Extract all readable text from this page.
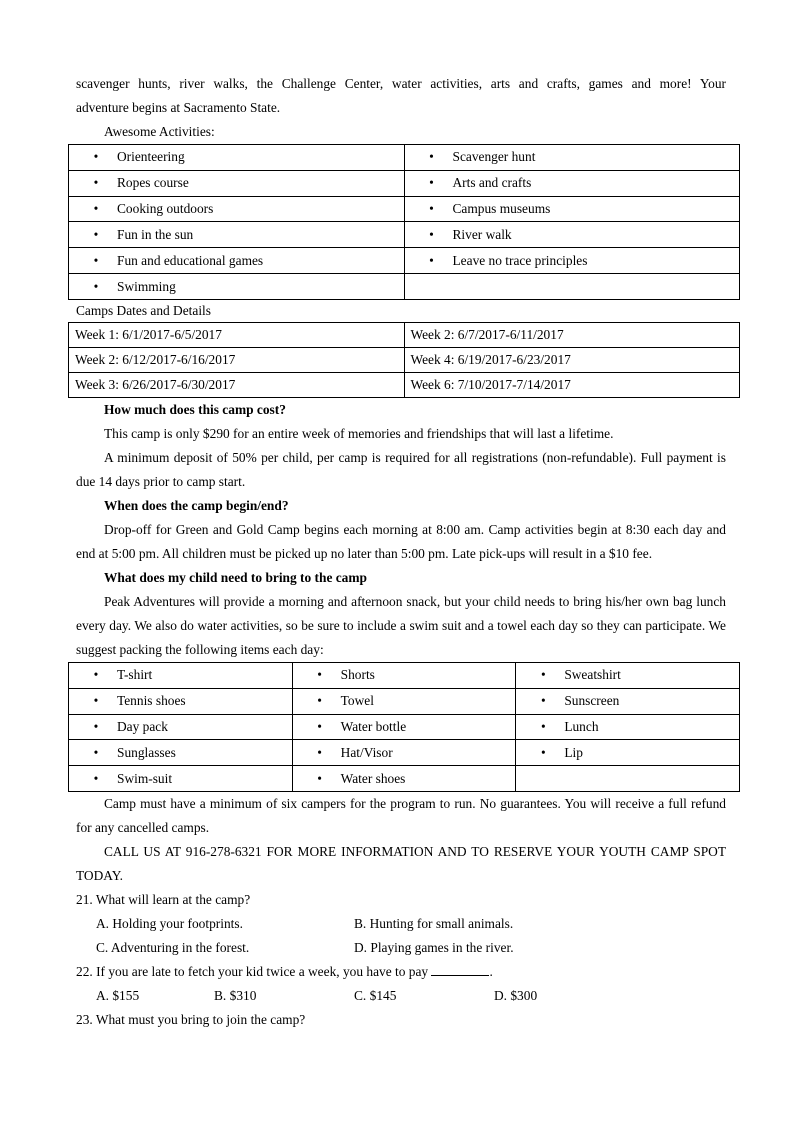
scavenger hunts, river walks, the Challenge Center, water activities, arts and crafts, games and more! Your

adventure begins at Sacramento State.

Awesome Activities:

• Orienteering	• Scavenger hunt
• Ropes course	• Arts and crafts
• Cooking outdoors	• Campus museums
• Fun in the sun	• River walk
• Fun and educational games	• Leave no trace principles
• Swimming	

Camps Dates and Details

Week 1: 6/1/2017-6/5/2017	Week 2: 6/7/2017-6/11/2017
Week 2: 6/12/2017-6/16/2017	Week 4: 6/19/2017-6/23/2017
Week 3: 6/26/2017-6/30/2017	Week 6: 7/10/2017-7/14/2017

How much does this camp cost?

This camp is only $290 for an entire week of memories and friendships that will last a lifetime.

A minimum deposit of 50% per child, per camp is required for all registrations (non-refundable). Full payment is due 14 days prior to camp start.

When does the camp begin/end?

Drop-off for Green and Gold Camp begins each morning at 8:00 am. Camp activities begin at 8:30 each day and end at 5:00 pm. All children must be picked up no later than 5:00 pm. Late pick-ups will result in a $10 fee.

What does my child need to bring to the camp

Peak Adventures will provide a morning and afternoon snack, but your child needs to bring his/her own bag lunch every day. We also do water activities, so be sure to include a swim suit and a towel each day so they can participate. We suggest packing the following items each day:

• T-shirt	• Shorts	• Sweatshirt
• Tennis shoes	• Towel	• Sunscreen
• Day pack	• Water bottle	• Lunch
• Sunglasses	• Hat/Visor	• Lip
• Swim-suit	• Water shoes	

Camp must have a minimum of six campers for the program to run. No guarantees. You will receive a full refund for any cancelled camps.

CALL US AT 916-278-6321 FOR MORE INFORMATION AND TO RESERVE YOUR YOUTH CAMP SPOT TODAY.

21. What will learn at the camp?

A. Holding your footprints.	B. Hunting for small animals.
C. Adventuring in the forest.	D. Playing games in the river.

22. If you are late to fetch your kid twice a week, you have to pay	.

A. $155	B. $310	C. $145	D. $300

23. What must you bring to join the camp?
